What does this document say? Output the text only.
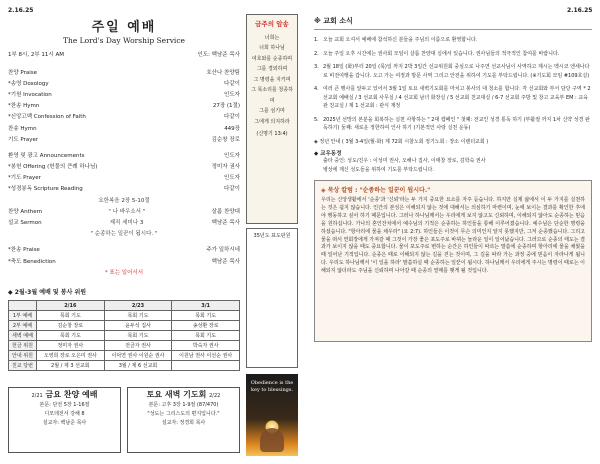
2.16.25	2.16.25
주일 예배
The Lord's Day Worship Service
1부 8시, 2부 11시 AM	인도: 백남준 목사
찬양 Praise	호산나 찬양팀
*송영 Doxology	다같이
*기원 Invocation	인도자
*찬송 Hymn	27장 (1절)
*신앙고백 Confession of Faith	다같이
찬송 Hymn	449장
기도 Prayer	김순창 장로
환영 및 광고 Announcements	인도자
*봉헌 Offering (헌물의 큰례 하나님)	정미자 권사
*기도 Prayer	인도자
*성경봉독 Scripture Reading	다같이
요한복음 2장 5-10절
찬양 Anthem	" 나 바우소서 "	살롬 찬양대
설교 Sermon	제직 세미나 3	백남준 목사
" 순종하는 일꾼이 됩시다. "
*찬송 Praise	주가 일하시네
*축도 Benediction	백남준 목사
* 표는 일어서서
◆ 2월-3월 예배 및 봉사 위원
	2/16	2/23	3/1
1부 예배	목회 기도	목회 기도	목회 기도
2부 예배	김순창 장로	윤두석 집사	송성환 장로
새벽 예배	목회 기도	목회 기도	목회 기도
헌금 위원	정미자 권사	전금자 권사	박숙자 권사
안내 위원	오영희 장로 오은미 권사	이덕연 권사 이원순 권사	이원남 권사 이선순 권사
친교 당번	2월 / 제 3 선교회	3월 / 제 6 선교회	
2/21 금요 찬양 예배
본문: 단전 5장 1-16절
디모데전서 강해 8
설교자: 백남준 목사
토요 새벽 기도회 2/22
본문: 고후 3장 1-9절 (87/470)
"성도는 그리스도의 편지입니다."
설교자: 정경희 목사
금주의 암송
너희는
너희 하나님
여호와를 순종하며
그를 경외하며
그 명령을 지키며
그 목소리를 청종하며
그를 섬기며
그에게 의지하라
(신명기 13:4)
35년도 표도판원
Obedience is the key to blessings.
※ 교회 소식
1. 오늘 교회 오셔서 예배에 참석하신 분들을 주님의 이름으로 환영합니다.
2. 오늘 주일 오후 시간에는 권사회 모임이 살롬 찬양대 실에서 있습니다. 권사님들의 적극적인 참여를 바랍니다.
3. 2월 18일 (화)부터 20일 (목)일 까지 2박 3일간 선교위원회 중심으로 나주연 선교사님이 사역하고 계시는 멕시코 엔세나다로 비전여행을 갑니다. 오고 가는 여정과 방문 사역 그리고 안전을 위하여 기도를 부탁드립니다. (※기도회 모임 #109호실)
4. 여러 큰 행사를 앞두고 있어서 3월 1일 토요 새벽기도회를 마치고 봉사의 대 청소를 합니다. 각 선교회와 부서 담당 구역 * 2 선교회 예배실 / 3 선교회 사무실 / 4 선교회 남녀 화장실 / 5 선교회 친교대실 / 6-7 선교회 주방 및 창고 교육부 EM : 교육관 친교실 / 제 1 선교회 : 관식 재정
5. 2025년 선망의 본분을 회복하는 실천 사항하는 " 2대 캠페인 " 첫째: 전교인 성경 통독 하기 (부활절 까지 1차 신약 성경 완독하기) 둘째: 새로운 정한하여 인사 하기 (기본적인 사랑 실천 운동)
◈ 정년 안내 ( 3월 3-4일(월-화) 제 72회 시찰노회 정기노회 : 장소 이랜더교회 )
◆ 교우동정
출타 중인: 성도/진우 : 이성미 권사, 오해나 집사, 이태창 장로, 김학숙 권사
병상에 계신 성도들을 위하여 기도를 부탁드립니다.
◈ 묵상 칼럼 : "순종하는 일꾼이 됩시다."
우리는 신앙생활에서 '순종'과 '신뢰'라는 두 가지 중요한 요소를 자주 듣습니다. 하지만 실제 삶에서 이 두 가지를 실천하는 것은 쉽지 않습니다. 인간의 본성은 이해되지 않는 것에 대해서는 의심하기 마련이며, 눈에 보이는 결과를 확인한 후에야 행동하고 싶어 하기 때문입니다. 그러나 하나님께서는 우리에게 보지 않고도 신뢰하며, 이해되지 않아도 순종하는 믿음을 원하십니다. 가나의 혼인잔치에서 예수님의 기적은 순종하는 하인들을 통해 이루어졌습니다. 예수님은 단순한 명령을 하셨습니다. "항아리에 물을 채우라" (요 2:7). 하인들은 이것이 무슨 의미인지 알지 못했지만, 그저 순종했습니다. 그리고 물을 떠서 연회장에게 가져갈 때 그것이 가장 좋은 포도주로 바뀌는 놀라운 일이 일어났습니다. 그러므로 순종의 태도는 결과가 보이지 않을 때도 중요합니다. 물이 포도주로 변하는 순간은 하인들이 따르는 말씀에 순종하며 항아리에 물을 채웠을 때 일어난 기적입니다. 순종은 때로 이해되지 않는 길을 걷는 것이며, 그 길을 따라 가는 과정 중에 믿음이 자라나게 됩니다. 우리도 하나님께서 '이 일을 하라' 말씀하실 때 순종하는 일꾼이 됩시다. 하나님께서 우리에게 주시는 명령이 때로는 이해되지 않더라도 주님을 신뢰하며 나아갈 때 순종의 열매를 맺게 될 것입니다.
